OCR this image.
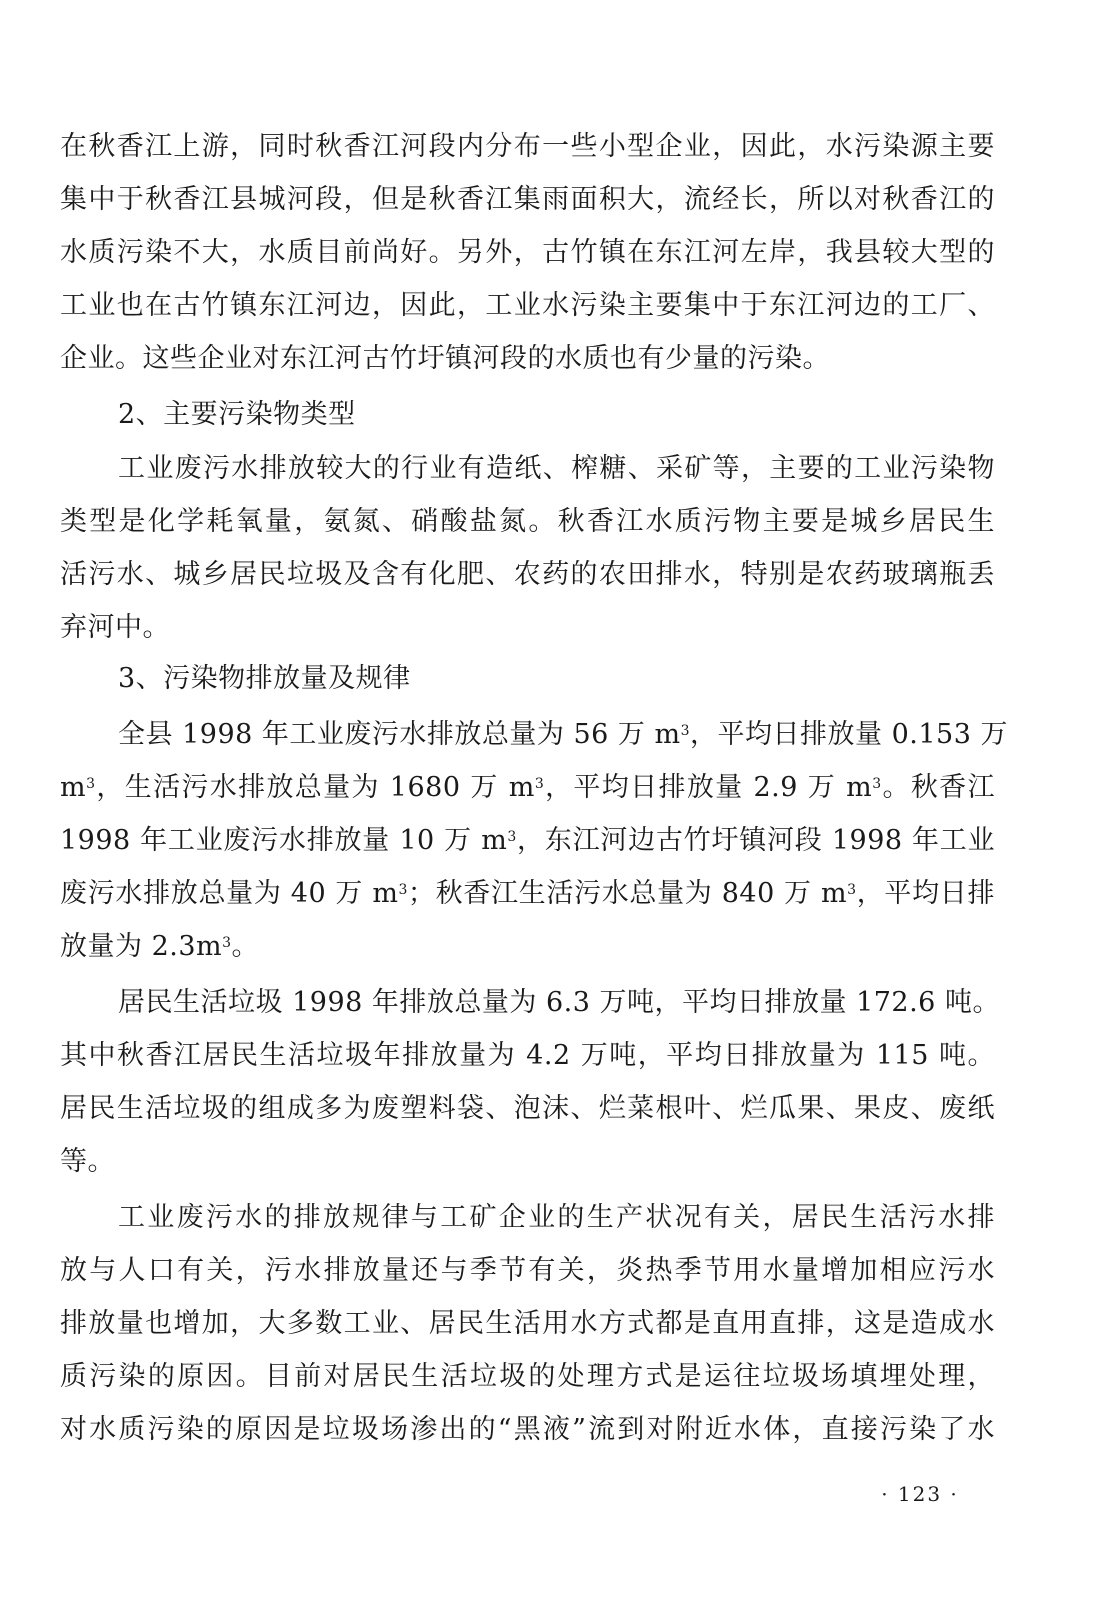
在秋香江上游，同时秋香江河段内分布一些小型企业，因此，水污染源主要
集中于秋香江县城河段，但是秋香江集雨面积大，流经长，所以对秋香江的
水质污染不大，水质目前尚好。另外，古竹镇在东江河左岸，我县较大型的
工业也在古竹镇东江河边，因此，工业水污染主要集中于东江河边的工厂、
企业。这些企业对东江河古竹圩镇河段的水质也有少量的污染。
2、主要污染物类型
工业废污水排放较大的行业有造纸、榨糖、采矿等，主要的工业污染物
类型是化学耗氧量，氨氮、硝酸盐氮。秋香江水质污物主要是城乡居民生
活污水、城乡居民垃圾及含有化肥、农药的农田排水，特别是农药玻璃瓶丢
弃河中。
3、污染物排放量及规律
全县 1998 年工业废污水排放总量为 56 万 $m^3$，平均日排放量 0.153 万
$m^3$，生活污水排放总量为 1680 万 $m^3$，平均日排放量 2.9 万 $m^3$。秋香江
1998 年工业废污水排放量 10 万 $m^3$，东江河边古竹圩镇河段 1998 年工业
废污水排放总量为 40 万 $m^3$；秋香江生活污水总量为 840 万 $m^3$，平均日排
放量为 $2.3m^3$。
居民生活垃圾 1998 年排放总量为 6.3 万吨，平均日排放量 172.6 吨。
其中秋香江居民生活垃圾年排放量为 4.2 万吨，平均日排放量为 115 吨。
居民生活垃圾的组成多为废塑料袋、泡沫、烂菜根叶、烂瓜果、果皮、废纸
等。
工业废污水的排放规律与工矿企业的生产状况有关，居民生活污水排
放与人口有关，污水排放量还与季节有关，炎热季节用水量增加相应污水
排放量也增加，大多数工业、居民生活用水方式都是直用直排，这是造成水
质污染的原因。目前对居民生活垃圾的处理方式是运往垃圾场填埋处理，
对水质污染的原因是垃圾场渗出的“黑液”流到对附近水体，直接污染了水
· 123 ·
